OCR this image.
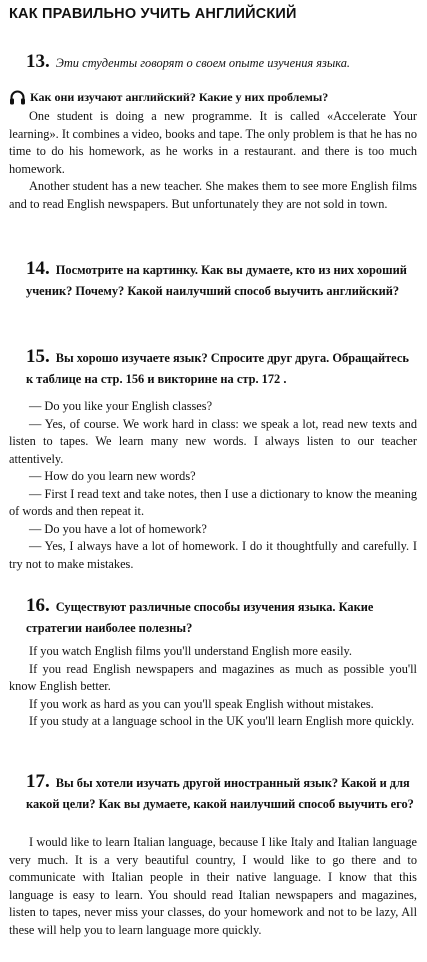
КАК ПРАВИЛЬНО УЧИТЬ АНГЛИЙСКИЙ
13. Эти студенты говорят о своем опыте изучения языка.
Как они изучают английский? Какие у них проблемы?

One student is doing a new programme. It is called «Accelerate Your learning». It combines a video, books and tape. The only problem is that he has no time to do his homework, as he works in a restaurant. and there is too much homework.

Another student has a new teacher. She makes them to see more English films and to read English newspapers. But unfortunately they are not sold in town.

14. Посмотрите на картинку. Как вы думаете, кто из них хороший ученик? Почему? Какой наилучший способ выучить английский?
15. Вы хорошо изучаете язык? Спросите друг друга. Обращайтесь к таблице на стр. 156 и викторине на стр. 172 .

— Do you like your English classes?

— Yes, of course. We work hard in class: we speak a lot, read new texts and listen to tapes. We learn many new words. I always listen to our teacher attentively.

— How do you learn new words?

— First I read text and take notes, then I use a dictionary to know the meaning of words and then repeat it.

— Do you have a lot of homework?

— Yes, I always have a lot of homework. I do it thoughtfully and carefully. I try not to make mistakes.

16. Существуют различные способы изучения языка. Какие стратегии наиболее полезны?

If you watch English films you'll understand English more easily.

If you read English newspapers and magazines as much as possible you'll know English better.

If you work as hard as you can you'll speak English without mistakes.

If you study at a language school in the UK you'll learn English more quickly.

17. Вы бы хотели изучать другой иностранный язык? Какой и для какой цели? Как вы думаете, какой наилучший способ выучить его?

I would like to learn Italian language, because I like Italy and Italian language very much. It is a very beautiful country, I would like to go there and to communicate with Italian people in their native language. I know that this language is easy to learn. You should read Italian newspapers and magazines, listen to tapes, never miss your classes, do your homework and not to be lazy, All these will help you to learn language more quickly.
